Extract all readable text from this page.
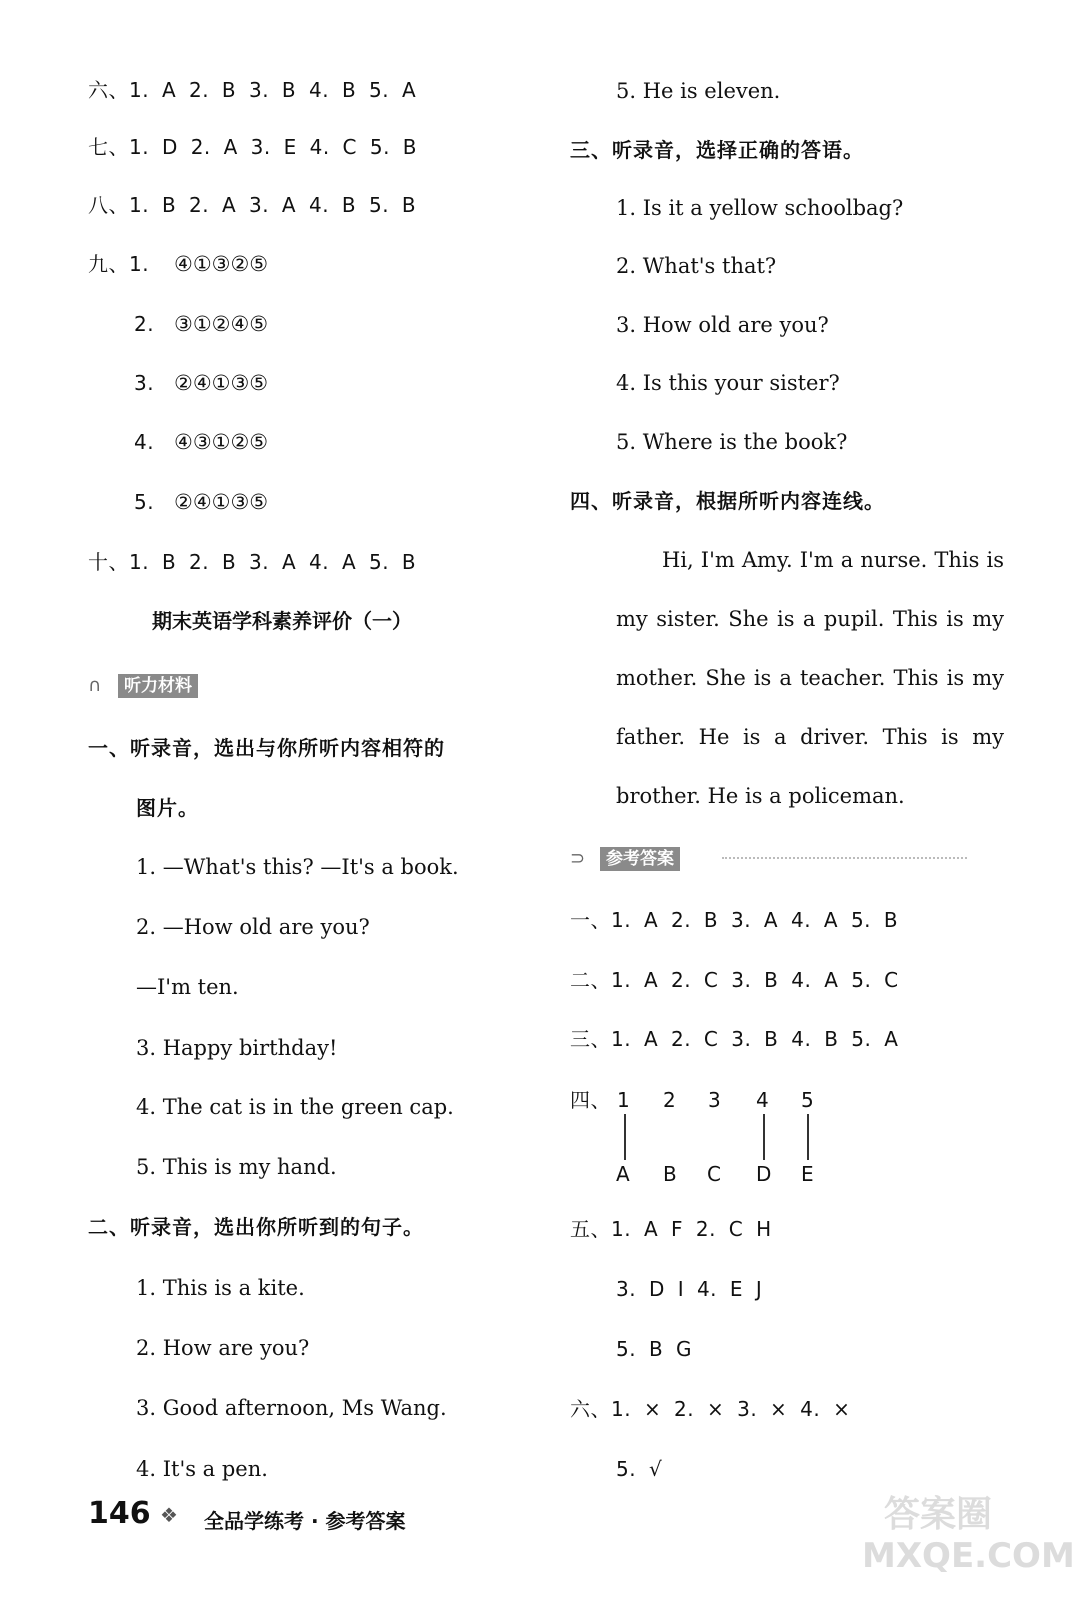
六、1. A 2. B 3. B 4. B 5. A
七、1. D 2. A 3. E 4. C 5. B
八、1. B 2. A 3. A 4. B 5. B
九、1. ④①③②⑤
2. ③①②④⑤
3. ②④①③⑤
4. ④③①②⑤
5. ②④①③⑤
十、1. B 2. B 3. A 4. A 5. B
期末英语学科素养评价（一）
∩ 听力材料
一、听录音，选出与你所听内容相符的
图片。
1. —What's this? —It's a book.
2. —How old are you?
—I'm ten.
3. Happy birthday!
4. The cat is in the green cap.
5. This is my hand.
二、听录音，选出你所听到的句子。
1. This is a kite.
2. How are you?
3. Good afternoon, Ms Wang.
4. It's a pen.
5. He is eleven.
三、听录音，选择正确的答语。
1. Is it a yellow schoolbag?
2. What's that?
3. How old are you?
4. Is this your sister?
5. Where is the book?
四、听录音，根据所听内容连线。
Hi, I'm Amy. I'm a nurse. This is my sister. She is a pupil. This is my mother. She is a teacher. This is my father. He is a driver. This is my brother. He is a policeman.
⊃ 参考答案
一、1. A 2. B 3. A 4. A 5. B
二、1. A 2. C 3. B 4. A 5. C
三、1. A 2. C 3. B 4. B 5. A
四、 1 2 3 4 5
A B C D E
五、1. A F 2. C H
3. D I 4. E J
5. B G
六、1. × 2. × 3. × 4. ×
5. √
146 ❖ 全品学练考 · 参考答案	答案圈
MXQE.COM
